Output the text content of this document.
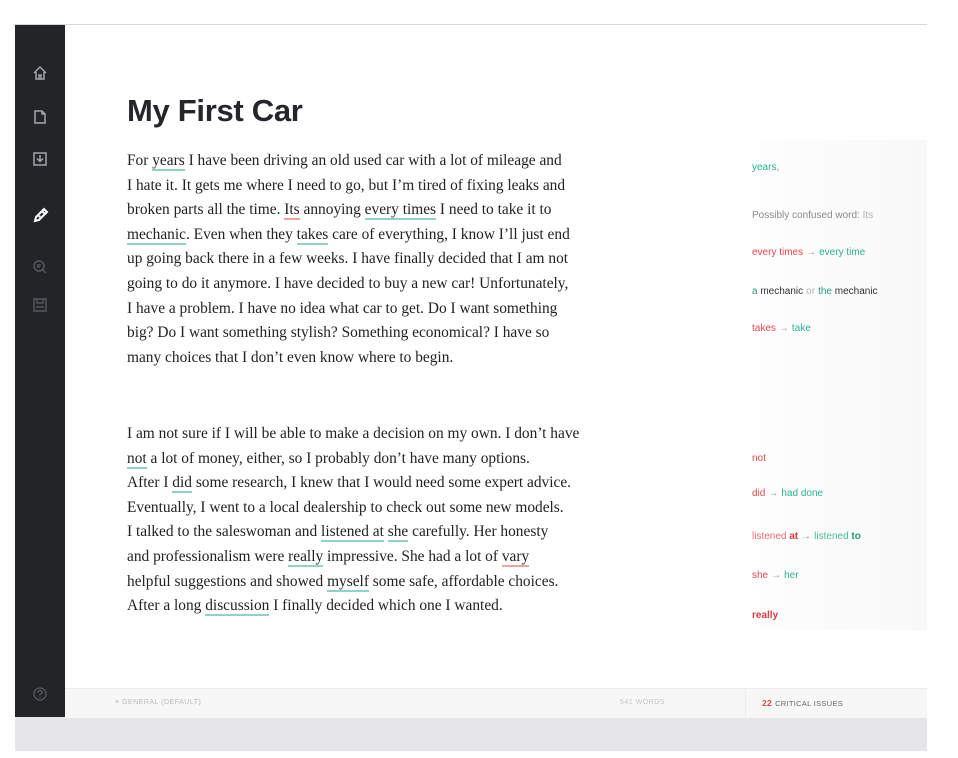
My First Car
For years I have been driving an old used car with a lot of mileage and
I hate it. It gets me where I need to go, but I’m tired of fixing leaks and
broken parts all the time. Its annoying every times I need to take it to
mechanic. Even when they takes care of everything, I know I’ll just end
up going back there in a few weeks. I have finally decided that I am not
going to do it anymore. I have decided to buy a new car! Unfortunately,
I have a problem. I have no idea what car to get. Do I want something
big? Do I want something stylish? Something economical? I have so
many choices that I don’t even know where to begin.
I am not sure if I will be able to make a decision on my own. I don’t have
not a lot of money, either, so I probably don’t have many options.
After I did some research, I knew that I would need some expert advice.
Eventually, I went to a local dealership to check out some new models.
I talked to the saleswoman and listened at she carefully. Her honesty
and professionalism were really impressive. She had a lot of vary
helpful suggestions and showed myself some safe, affordable choices.
After a long discussion I finally decided which one I wanted.
years,
Possibly confused word: Its
every times → every time
a mechanic or the mechanic
takes → take
not
did → had done
listened at → listened to
she → her
really
≡ GENERAL (DEFAULT)	541 WORDS	22 CRITICAL ISSUES
